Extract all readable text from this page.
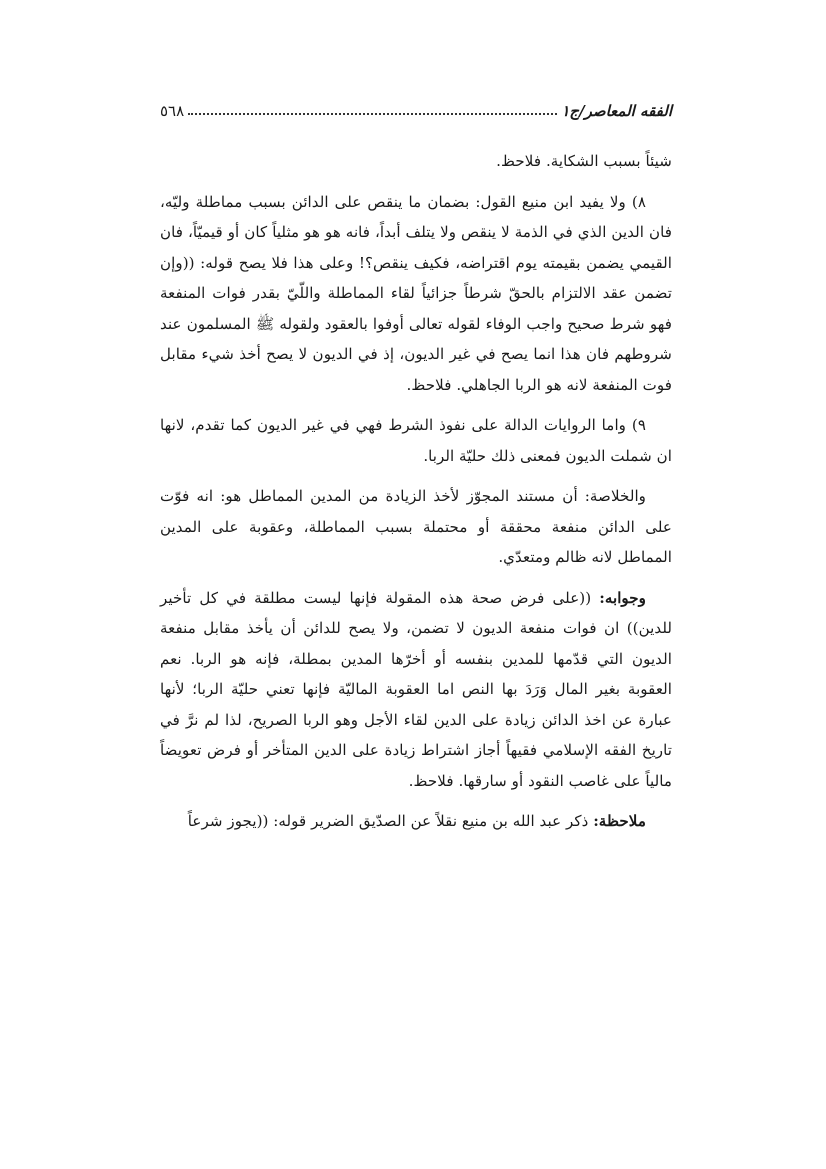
الفقه المعاصر/ج١
٥٦٨

شيئاً بسبب الشكاية. فلاحظ.

٨) ولا يفيد ابن منيع القول: بضمان ما ينقص على الدائن بسبب مماطلة وليّه، فان الدين الذي في الذمة لا ينقص ولا يتلف أبداً، فانه هو هو مثلياً كان أو قيميّاً، فان القيمي يضمن بقيمته يوم اقتراضه، فكيف ينقص؟! وعلى هذا فلا يصح قوله: ((وإن تضمن عقد الالتزام بالحقّ شرطاً جزائياً لقاء المماطلة واللّيّ بقدر فوات المنفعة فهو شرط صحيح واجب الوفاء لقوله تعالى أوفوا بالعقود ولقوله ﷺ المسلمون عند شروطهم فان هذا انما يصح في غير الديون، إذ في الديون لا يصح أخذ شيء مقابل فوت المنفعة لانه هو الربا الجاهلي. فلاحظ.

٩) واما الروايات الدالة على نفوذ الشرط فهي في غير الديون كما تقدم، لانها ان شملت الديون فمعنى ذلك حليّة الربا.

والخلاصة: أن مستند المجوّز لأخذ الزيادة من المدين المماطل هو: انه فوّت على الدائن منفعة محققة أو محتملة بسبب المماطلة، وعقوبة على المدين المماطل لانه ظالم ومتعدّي.

وجوابه: ((على فرض صحة هذه المقولة فإنها ليست مطلقة في كل تأخير للدين)) ان فوات منفعة الديون لا تضمن، ولا يصح للدائن أن يأخذ مقابل منفعة الديون التي قدّمها للمدين بنفسه أو أخرّها المدين بمطلة، فإنه هو الربا. نعم العقوبة بغير المال وَرَدَ بها النص اما العقوبة الماليّة فإنها تعني حليّة الربا؛ لأنها عبارة عن اخذ الدائن زيادة على الدين لقاء الأجل وهو الربا الصريح، لذا لم نرَّ في تاريخ الفقه الإسلامي فقيهاً أجاز اشتراط زيادة على الدين المتأخر أو فرض تعويضاً مالياً على غاصب النقود أو سارقها. فلاحظ.

ملاحظة: ذكر عبد الله بن منيع نقلاً عن الصدّيق الضرير قوله: ((يجوز شرعاً
